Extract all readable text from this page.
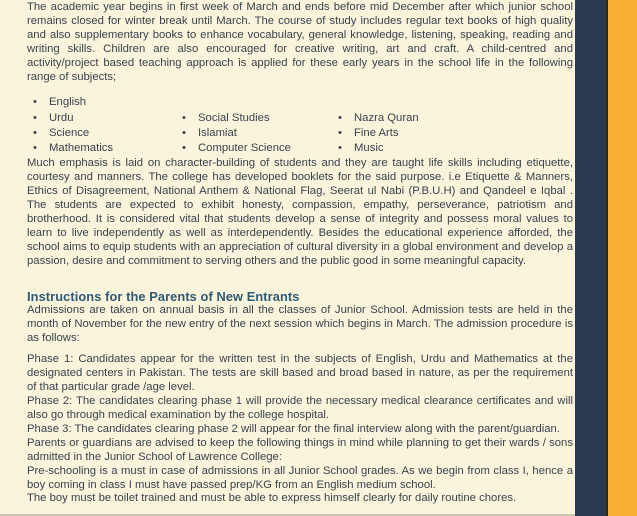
The academic year begins in first week of March and ends before mid December after which junior school remains closed for winter break until March. The course of study includes regular text books of high quality and also supplementary books to enhance vocabulary, general knowledge, listening, speaking, reading and writing skills. Children are also encouraged for creative writing, art and craft. A child-centred and activity/project based teaching approach is applied for these early years in the school life in the following range of subjects;

• English
• Urdu
• Science
• Mathematics
• Social Studies
• Islamiat
• Computer Science
• Nazra Quran
• Fine Arts
• Music

Much emphasis is laid on character-building of students and they are taught life skills including etiquette, courtesy and manners. The college has developed booklets for the said purpose. i.e Etiquette & Manners, Ethics of Disagreement, National Anthem & National Flag, Seerat ul Nabi (P.B.U.H) and Qandeel e Iqbal . The students are expected to exhibit honesty, compassion, empathy, perseverance, patriotism and brotherhood. It is considered vital that students develop a sense of integrity and possess moral values to learn to live independently as well as interdependently. Besides the educational experience afforded, the school aims to equip students with an appreciation of cultural diversity in a global environment and develop a passion, desire and commitment to serving others and the public good in some meaningful capacity.

Instructions for the Parents of New Entrants

Admissions are taken on annual basis in all the classes of Junior School. Admission tests are held in the month of November for the new entry of the next session which begins in March. The admission procedure is as follows:

Phase 1: Candidates appear for the written test in the subjects of English, Urdu and Mathematics at the designated centers in Pakistan. The tests are skill based and broad based in nature, as per the requirement of that particular grade /age level.

Phase 2: The candidates clearing phase 1 will provide the necessary medical clearance certificates and will also go through medical examination by the college hospital.

Phase 3: The candidates clearing phase 2 will appear for the final interview along with the parent/guardian.

Parents or guardians are advised to keep the following things in mind while planning to get their wards / sons admitted in the Junior School of Lawrence College:

Pre-schooling is a must in case of admissions in all Junior School grades. As we begin from class I, hence a boy coming in class I must have passed prep/KG from an English medium school.

The boy must be toilet trained and must be able to express himself clearly for daily routine chores.
